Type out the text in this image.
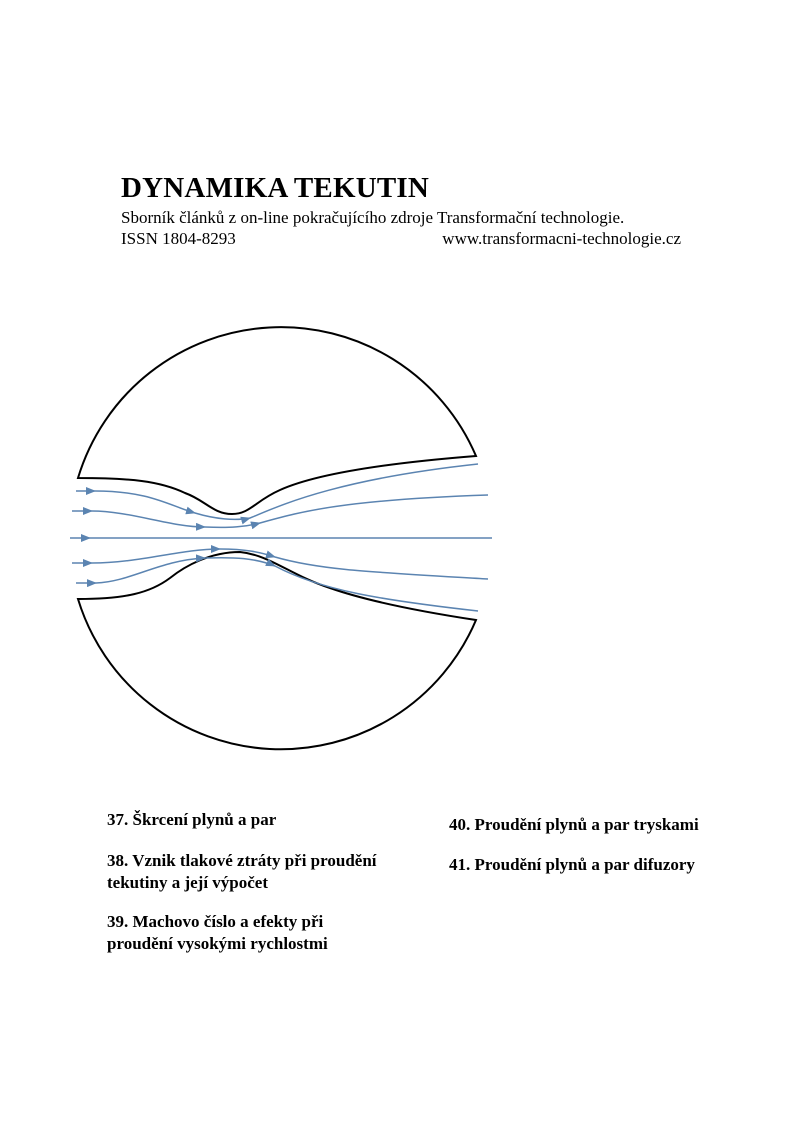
DYNAMIKA TEKUTIN
Sborník článků z on-line pokračujícího zdroje Transformační technologie.
ISSN 1804-8293	www.transformacni-technologie.cz
37. Škrcení plynů a par
38. Vznik tlakové ztráty při proudění
tekutiny a její výpočet
39. Machovo číslo a efekty při
proudění vysokými rychlostmi
40. Proudění plynů a par tryskami
41. Proudění plynů a par difuzory
